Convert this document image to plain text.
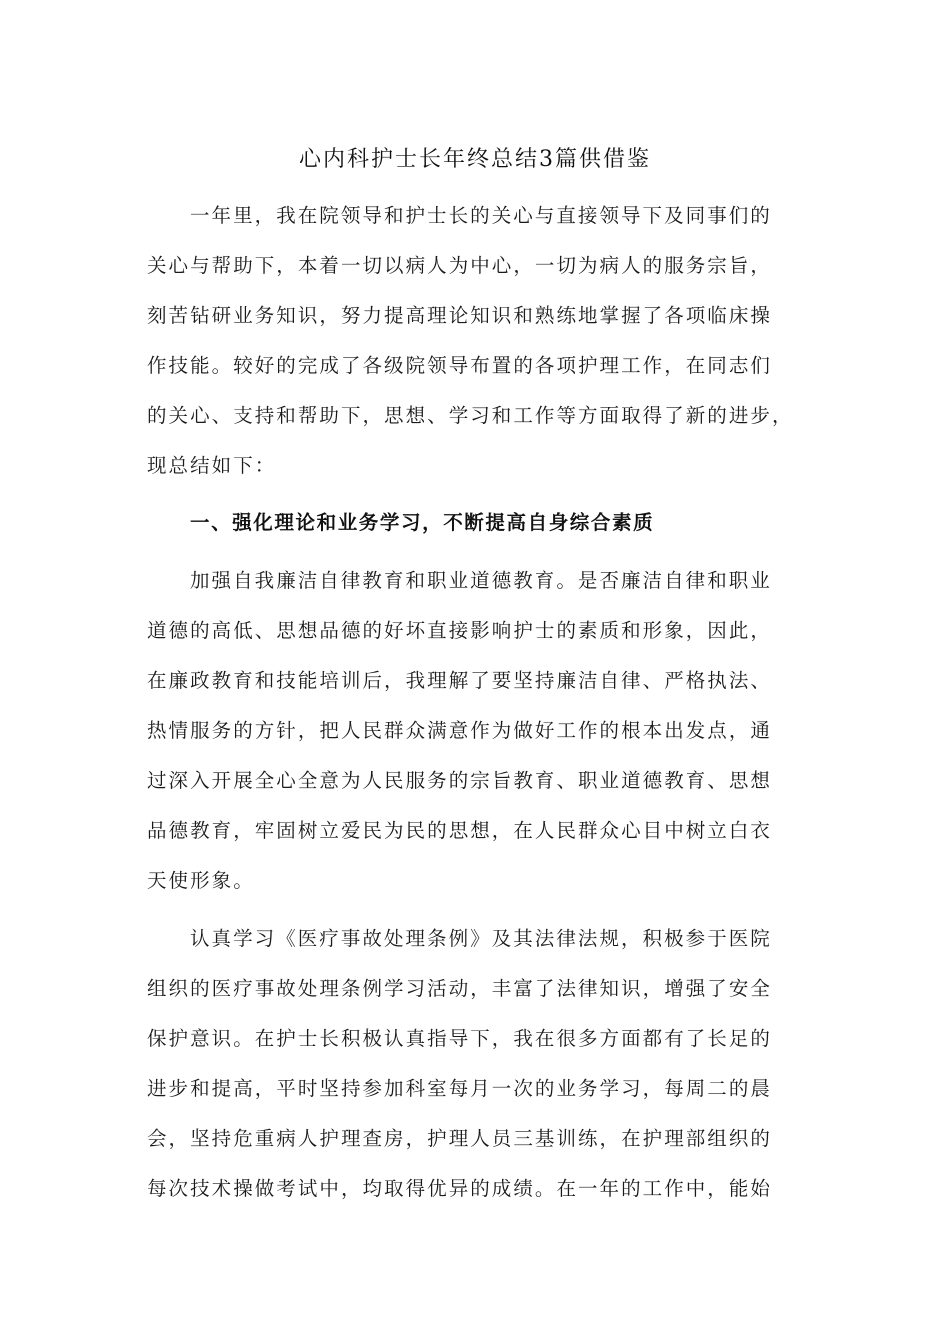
心内科护士长年终总结3篇供借鉴
一年里，我在院领导和护士长的关心与直接领导下及同事们的
关心与帮助下，本着一切以病人为中心，一切为病人的服务宗旨，
刻苦钻研业务知识，努力提高理论知识和熟练地掌握了各项临床操
作技能。较好的完成了各级院领导布置的各项护理工作，在同志们
的关心、支持和帮助下，思想、学习和工作等方面取得了新的进步，
现总结如下：
一、强化理论和业务学习，不断提高自身综合素质
加强自我廉洁自律教育和职业道德教育。是否廉洁自律和职业
道德的高低、思想品德的好坏直接影响护士的素质和形象，因此，
在廉政教育和技能培训后，我理解了要坚持廉洁自律、严格执法、
热情服务的方针，把人民群众满意作为做好工作的根本出发点，通
过深入开展全心全意为人民服务的宗旨教育、职业道德教育、思想
品德教育，牢固树立爱民为民的思想，在人民群众心目中树立白衣
天使形象。
认真学习《医疗事故处理条例》及其法律法规，积极参于医院
组织的医疗事故处理条例学习活动，丰富了法律知识，增强了安全
保护意识。在护士长积极认真指导下，我在很多方面都有了长足的
进步和提高，平时坚持参加科室每月一次的业务学习，每周二的晨
会，坚持危重病人护理查房，护理人员三基训练，在护理部组织的
每次技术操做考试中，均取得优异的成绩。在一年的工作中，能始
